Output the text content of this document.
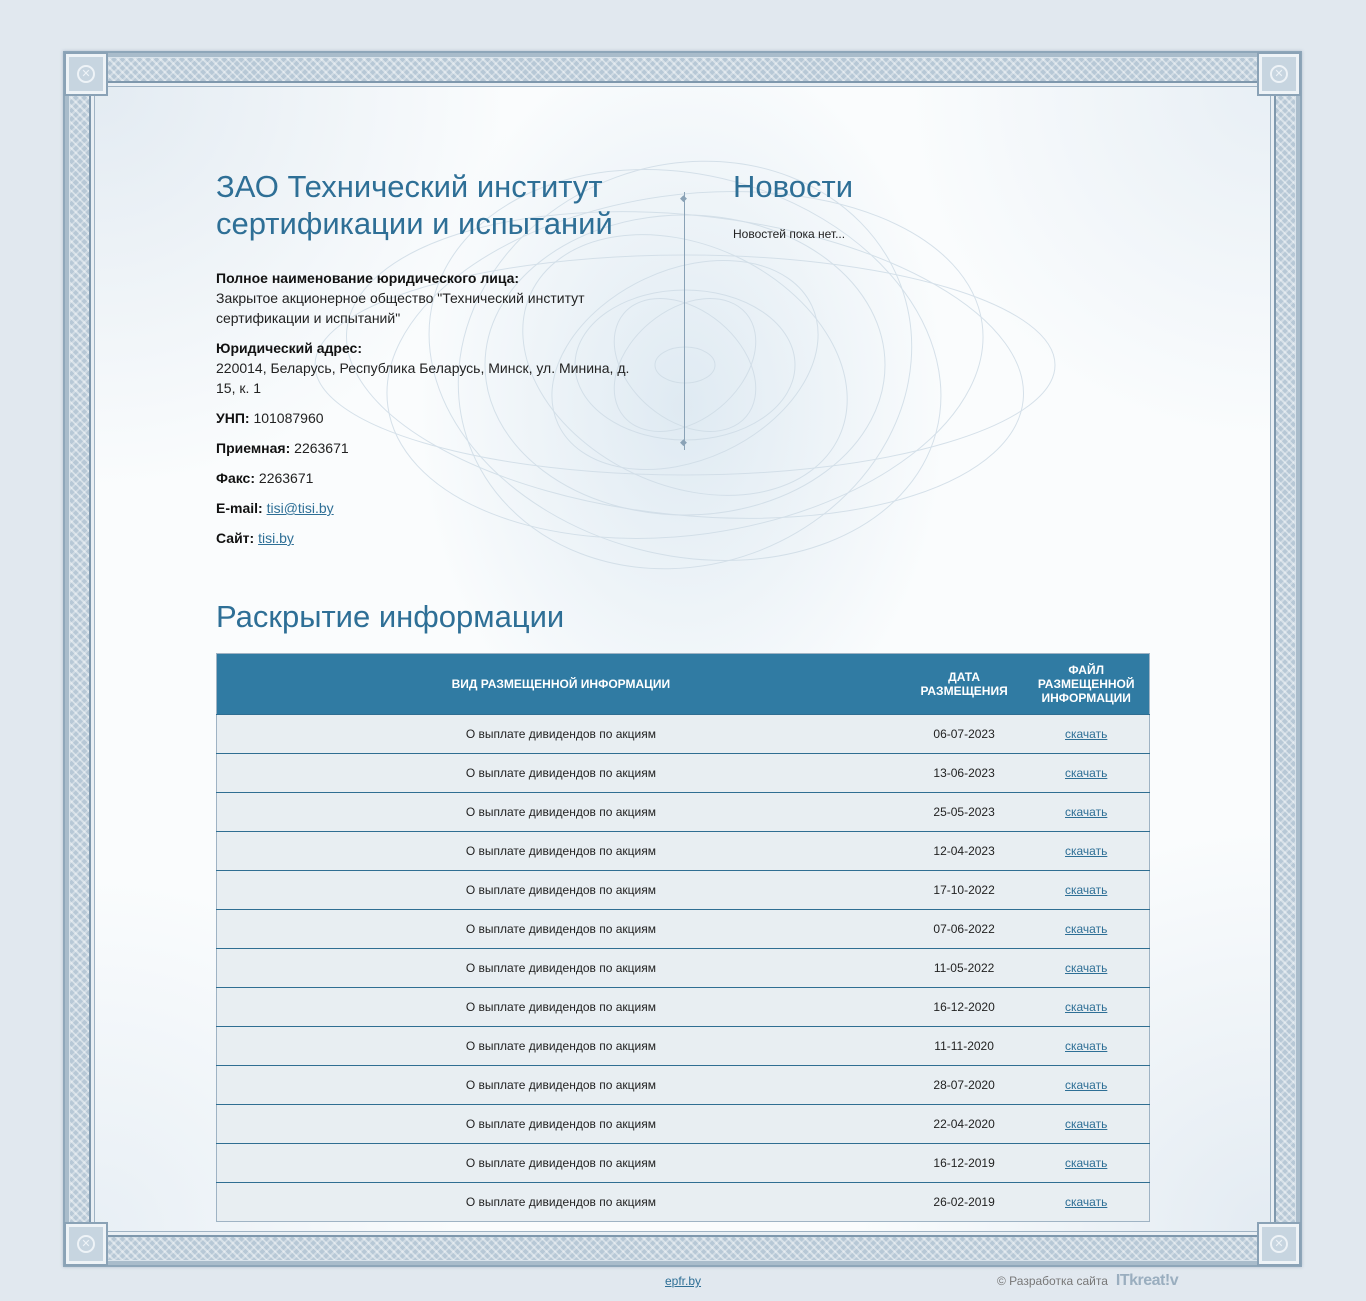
✕	✕
✕	✕
ЗАО Технический институт сертификации и испытаний
Полное наименование юридического лица:
Закрытое акционерное общество "Технический институт сертификации и испытаний"
Юридический адрес:
220014, Беларусь, Республика Беларусь, Минск, ул. Минина, д. 15, к. 1
УНП: 101087960
Приемная: 2263671
Факс: 2263671
E-mail: tisi@tisi.by
Сайт: tisi.by
◆ ◆
Новости

Новостей пока нет...

Раскрытие информации
ВИД РАЗМЕЩЕННОЙ ИНФОРМАЦИИ	ДАТА РАЗМЕЩЕНИЯ	ФАЙЛ РАЗМЕЩЕННОЙ ИНФОРМАЦИИ
О выплате дивидендов по акциям	06-07-2023	скачать
О выплате дивидендов по акциям	13-06-2023	скачать
О выплате дивидендов по акциям	25-05-2023	скачать
О выплате дивидендов по акциям	12-04-2023	скачать
О выплате дивидендов по акциям	17-10-2022	скачать
О выплате дивидендов по акциям	07-06-2022	скачать
О выплате дивидендов по акциям	11-05-2022	скачать
О выплате дивидендов по акциям	16-12-2020	скачать
О выплате дивидендов по акциям	11-11-2020	скачать
О выплате дивидендов по акциям	28-07-2020	скачать
О выплате дивидендов по акциям	22-04-2020	скачать
О выплате дивидендов по акциям	16-12-2019	скачать
О выплате дивидендов по акциям	26-02-2019	скачать
epfr.by	© Разработка сайта ITkreat!v
